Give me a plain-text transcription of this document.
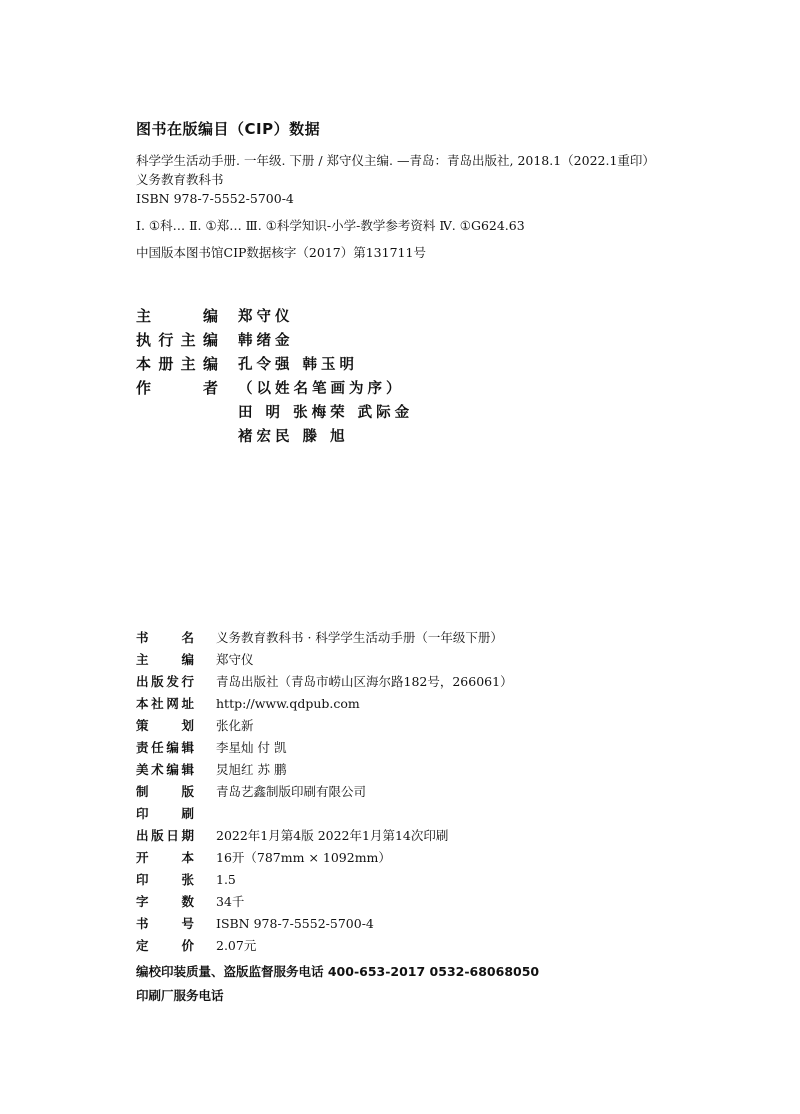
图书在版编目（CIP）数据
科学学生活动手册. 一年级. 下册 / 郑守仪主编. —青岛：青岛出版社, 2018.1（2022.1重印）
义务教育教科书
ISBN 978-7-5552-5700-4
Ⅰ. ①科… Ⅱ. ①郑… Ⅲ. ①科学知识-小学-教学参考资料 Ⅳ. ①G624.63
中国版本图书馆CIP数据核字（2017）第131711号
主	编 郑守仪
执 行 主 编 韩绪金
本 册 主 编 孔令强 韩玉明
作	者 （以姓名笔画为序）
田 明 张梅荣 武际金
褚宏民 滕 旭
书	名 义务教育教科书 · 科学学生活动手册（一年级下册）
主	编 郑守仪
出 版 发 行 青岛出版社（青岛市崂山区海尔路182号，266061）
本 社 网 址 http://www.qdpub.com
策	划 张化新
责 任 编 辑 李星灿 付 凯
美 术 编 辑 炅旭红 苏 鹏
制	版 青岛艺鑫制版印刷有限公司
印	刷
出 版 日 期 2022年1月第4版 2022年1月第14次印刷
开	本 16开（787mm × 1092mm）
印	张 1.5
字	数 34千
书	号 ISBN 978-7-5552-5700-4
定	价 2.07元
编校印装质量、盗版监督服务电话 400-653-2017 0532-68068050
印刷厂服务电话
